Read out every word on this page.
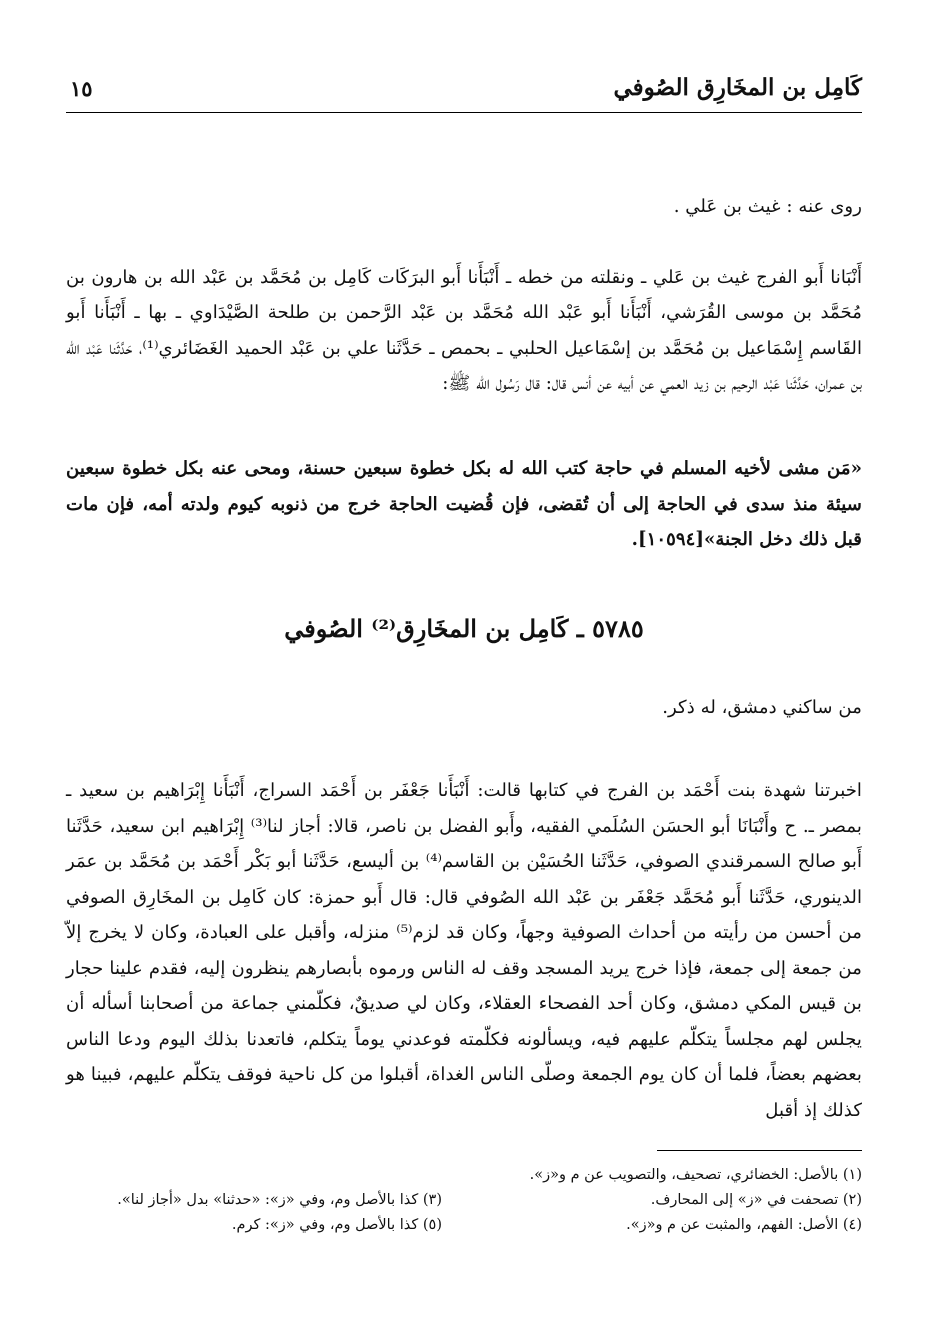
كَامِل بن المخَارِق الصُوفي
١٥

روى عنه : غيث بن عَلي .

أَنْبَانا أَبو الفرج غيث بن عَلي ـ ونقلته من خطه ـ أَنْبَأَنا أَبو البرَكَات كَامِل بن مُحَمَّد بن عَبْد الله بن هارون بن مُحَمَّد بن موسى القُرَشي، أَنْبَأَنا أَبو عَبْد الله مُحَمَّد بن عَبْد الرَّحمن بن طلحة الصَّيْدَاوي ـ بها ـ أَنْبَأَنا أَبو القَاسم إِسْمَاعيل بن مُحَمَّد بن إسْمَاعيل الحلبي ـ بحمص ـ حَدَّثَنا علي بن عَبْد الحميد الغَضَائري⁽¹⁾، حَدَّثَنا عَبْد الله بن عمران، حَدَّثَنا عَبْد الرحيم بن زيد العمي عن أبيه عن أنس قال: قال رَسُول الله ﷺ:

«مَن مشى لأخيه المسلم في حاجة كتب الله له بكل خطوة سبعين حسنة، ومحى عنه بكل خطوة سبعين سيئة منذ سدى في الحاجة إلى أن تُقضى، فإن قُضيت الحاجة خرج من ذنوبه كيوم ولدته أمه، فإن مات قبل ذلك دخل الجنة»[١٠٥٩٤].

٥٧٨٥ ـ كَامِل بن المخَارِق⁽²⁾ الصُوفي

من ساكني دمشق، له ذكر.

اخبرتنا شهدة بنت أَحْمَد بن الفرج في كتابها قالت: أَنْبَأَنا جَعْفَر بن أَحْمَد السراج، أَنْبَأَنا إِبْرَاهيم بن سعيد ـ بمصر ـ. ح وأَنْبَانَا أبو الحسَن السُلَمي الفقيه، وأَبو الفضل بن ناصر، قالا: أجاز لنا⁽³⁾ إِبْرَاهيم ابن سعيد، حَدَّثَنا أَبو صالح السمرقندي الصوفي، حَدَّثَنا الحُسَيْن بن القاسم⁽⁴⁾ بن أليسع، حَدَّثَنا أبو بَكْر أَحْمَد بن مُحَمَّد بن عمَر الدينوري، حَدَّثَنا أَبو مُحَمَّد جَعْفَر بن عَبْد الله الصُوفي قال: قال أَبو حمزة: كان كَامِل بن المخَارِق الصوفي من أحسن من رأيته من أحداث الصوفية وجهاً، وكان قد لزم⁽⁵⁾ منزله، وأقبل على العبادة، وكان لا يخرج إلاّ من جمعة إلى جمعة، فإذا خرج يريد المسجد وقف له الناس ورموه بأبصارهم ينظرون إليه، فقدم علينا حجار بن قيس المكي دمشق، وكان أحد الفصحاء العقلاء، وكان لي صديقٌ، فكلّمني جماعة من أصحابنا أسأله أن يجلس لهم مجلساً يتكلّم عليهم فيه، ويسألونه فكلّمته فوعدني يوماً يتكلم، فاتعدنا بذلك اليوم ودعا الناس بعضهم بعضاً، فلما أن كان يوم الجمعة وصلّى الناس الغداة، أقبلوا من كل ناحية فوقف يتكلّم عليهم، فبينا هو كذلك إذ أقبل

(١) بالأصل: الخضائري، تصحيف، والتصويب عن م و«ز».
(٢) تصحفت في «ز» إلى المحارف.
(٣) كذا بالأصل وم، وفي «ز»: «حدثنا» بدل «أجاز لنا».
(٤) الأصل: الفهم، والمثبت عن م و«ز».
(٥) كذا بالأصل وم، وفي «ز»: كرم.
